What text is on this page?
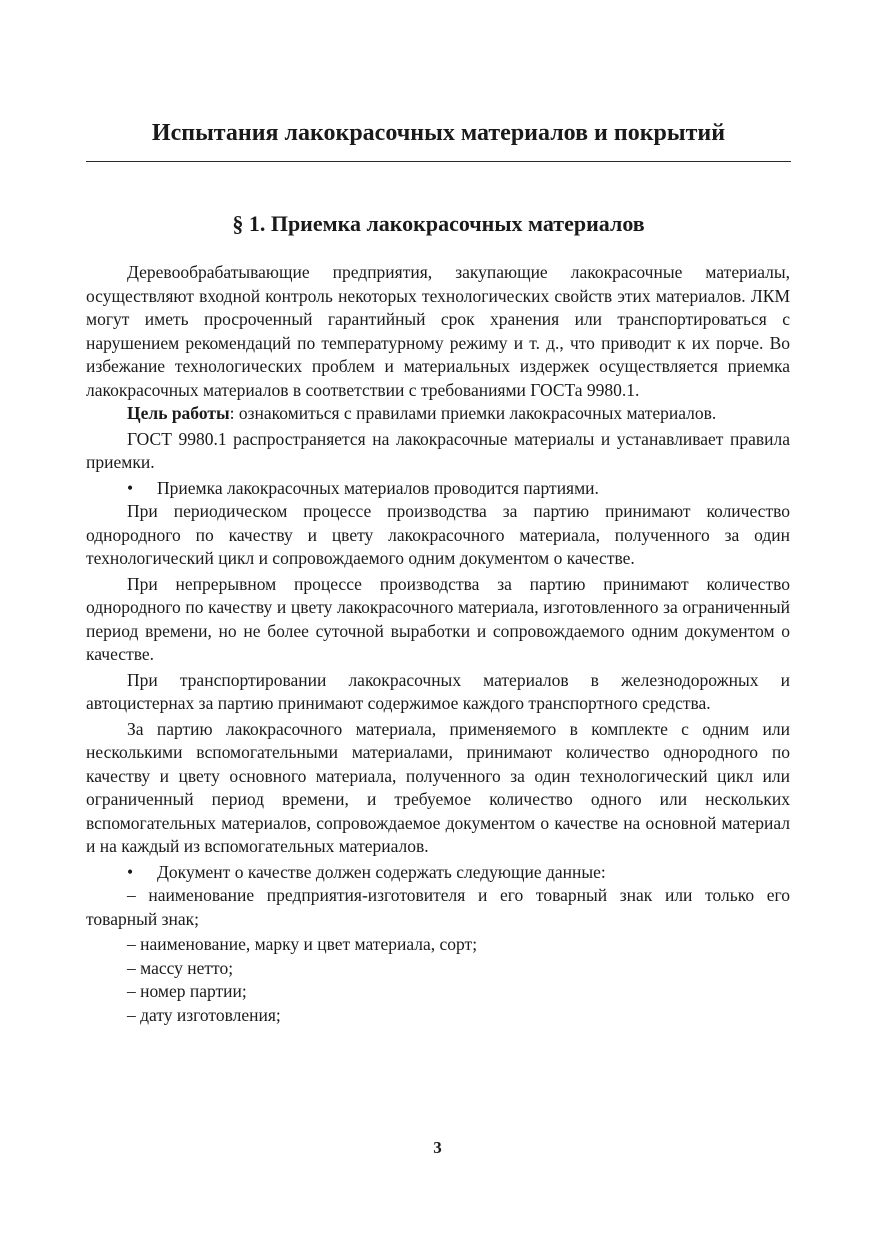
Испытания лакокрасочных материалов и покрытий
§ 1. Приемка лакокрасочных материалов

Деревообрабатывающие предприятия, закупающие лакокрасочные материалы, осуществляют входной контроль некоторых технологических свойств этих материалов. ЛКМ могут иметь просроченный гарантийный срок хранения или транспортироваться с нарушением рекомендаций по температурному режиму и т. д., что приводит к их порче. Во избежание технологических проблем и материальных издержек осуществляется приемка лакокрасочных материалов в соответствии с требованиями ГОСТа 9980.1.

Цель работы: ознакомиться с правилами приемки лакокрасочных материалов.

ГОСТ 9980.1 распространяется на лакокрасочные материалы и устанавливает правила приемки.

• Приемка лакокрасочных материалов проводится партиями.

При периодическом процессе производства за партию принимают количество однородного по качеству и цвету лакокрасочного материала, полученного за один технологический цикл и сопровождаемого одним документом о качестве.

При непрерывном процессе производства за партию принимают количество однородного по качеству и цвету лакокрасочного материала, изготовленного за ограниченный период времени, но не более суточной выработки и сопровождаемого одним документом о качестве.

При транспортировании лакокрасочных материалов в железнодорожных и автоцистернах за партию принимают содержимое каждого транспортного средства.

За партию лакокрасочного материала, применяемого в комплекте с одним или несколькими вспомогательными материалами, принимают количество однородного по качеству и цвету основного материала, полученного за один технологический цикл или ограниченный период времени, и требуемое количество одного или нескольких вспомогательных материалов, сопровождаемое документом о качестве на основной материал и на каждый из вспомогательных материалов.

• Документ о качестве должен содержать следующие данные:

– наименование предприятия-изготовителя и его товарный знак или только его товарный знак;

– наименование, марку и цвет материала, сорт;

– массу нетто;

– номер партии;

– дату изготовления;

3
